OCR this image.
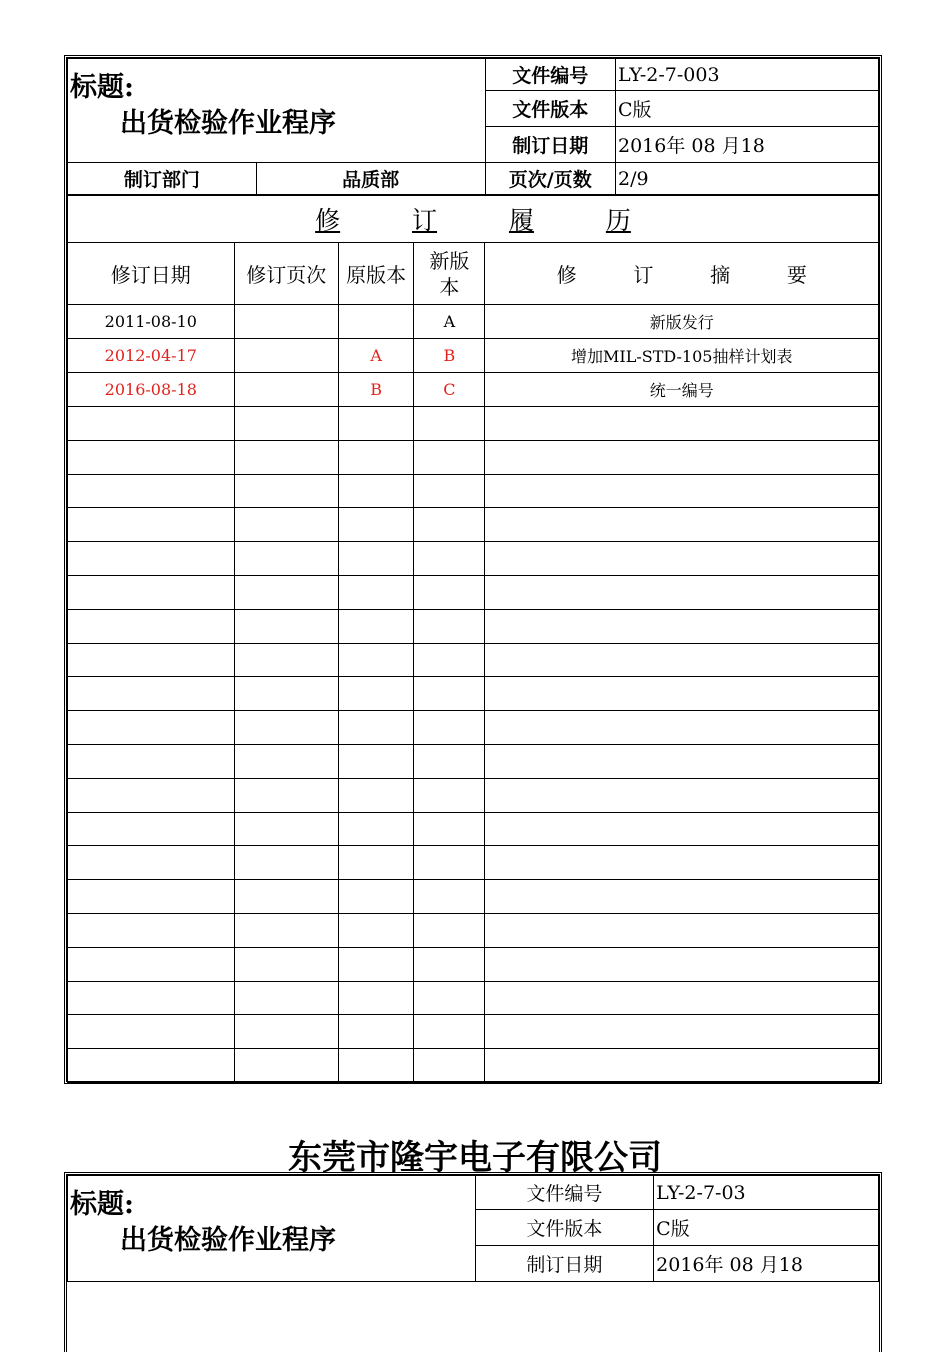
标题:
出货检验作业程序		文件编号	LY-2-7-003
		文件版本	C版
		制订日期	2016年 08 月18
制订部门	品质部	页次/页数	2/9
修 订 履 历				
修订日期	修订页次	原版本	新版本	修 订 摘 要
2011-08-10			A	新版发行
2012-04-17		A	B	增加MIL-STD-105抽样计划表
2016-08-18		B	C	统一编号

东莞市隆宇电子有限公司
标题:
出货检验作业程序	文件编号	LY-2-7-03
	文件版本	C版
	制订日期	2016年 08 月18
